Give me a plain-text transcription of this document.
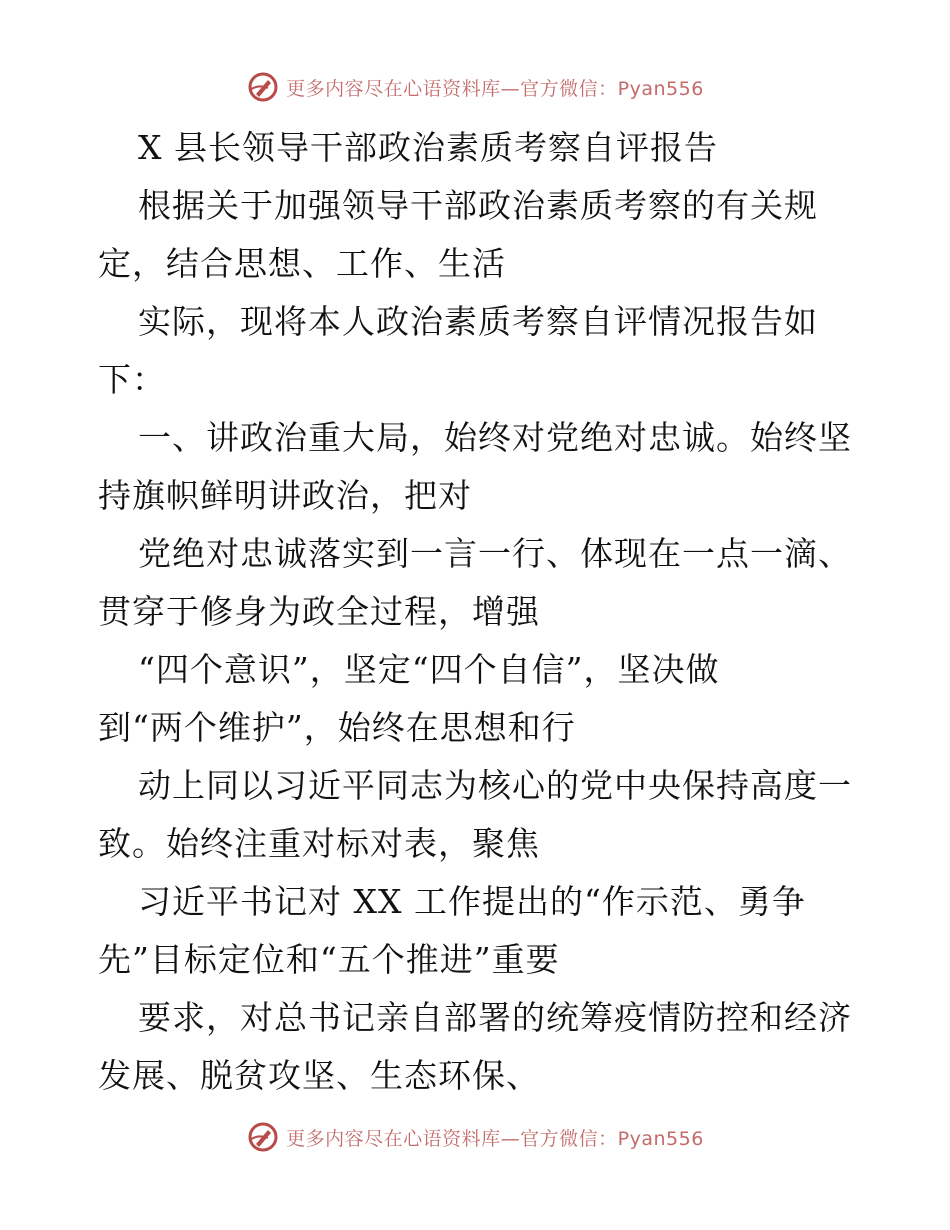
更多内容尽在心语资料库—官方微信：Pyan556
X 县长领导干部政治素质考察自评报告
根据关于加强领导干部政治素质考察的有关规
定，结合思想、工作、生活
实际，现将本人政治素质考察自评情况报告如
下：
一、讲政治重大局，始终对党绝对忠诚。始终坚
持旗帜鲜明讲政治，把对
党绝对忠诚落实到一言一行、体现在一点一滴、
贯穿于修身为政全过程，增强
“四个意识”，坚定“四个自信”，坚决做
到“两个维护”，始终在思想和行
动上同以习近平同志为核心的党中央保持高度一
致。始终注重对标对表，聚焦
习近平书记对 XX 工作提出的“作示范、勇争
先”目标定位和“五个推进”重要
要求，对总书记亲自部署的统筹疫情防控和经济
发展、脱贫攻坚、生态环保、
更多内容尽在心语资料库—官方微信：Pyan556
